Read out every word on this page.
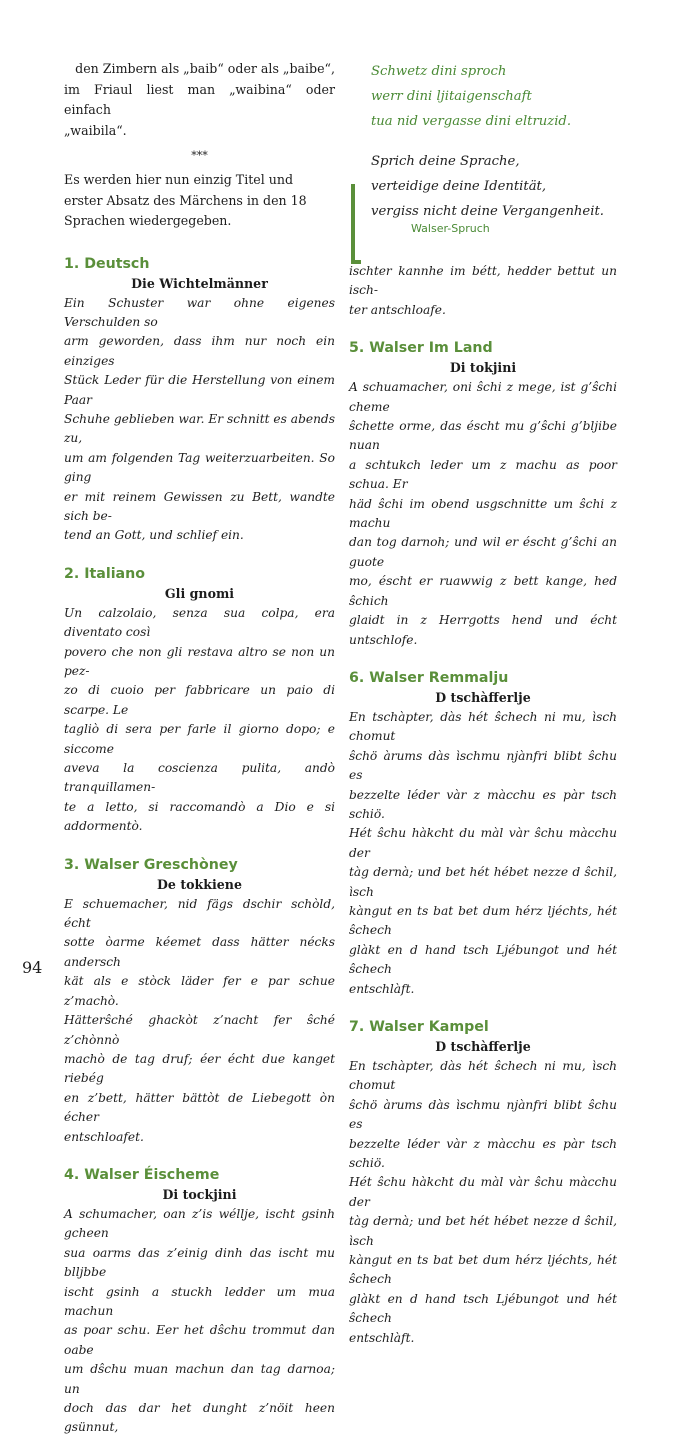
den Zimbern als „baib“ oder als „baibe“,

im Friaul liest man „waibina“ oder einfach

„waibila“.

***

Es werden hier nun einzig Titel und erster Absatz des Märchens in den 18 Sprachen wiedergegeben.

1. Deutsch
Die Wichtelmänner
Ein Schuster war ohne eigenes Verschulden so
arm geworden, dass ihm nur noch ein einziges
Stück Leder für die Herstellung von einem Paar
Schuhe geblieben war. Er schnitt es abends zu,
um am folgenden Tag weiterzuarbeiten. So ging
er mit reinem Gewissen zu Bett, wandte sich be-
tend an Gott, und schlief ein.
2. Italiano
Gli gnomi
Un calzolaio, senza sua colpa, era diventato così
povero che non gli restava altro se non un pez-
zo di cuoio per fabbricare un paio di scarpe. Le
tagliò di sera per farle il giorno dopo; e siccome
aveva la coscienza pulita, andò tranquillamen-
te a letto, si raccomandò a Dio e si addormentò.
3. Walser Greschòney
De tokkiene
E schuemacher, nid fägs dschir schòld, écht
sotte òarme kéemet dass hätter nécks andersch
kät als e stòck läder fer e par schue z’machò.
Hätterŝché ghackòt z’nacht fer ŝché z’chònnò
machò de tag druf; éer écht due kanget riebég
en z’bett, hätter bättòt de Liebegott òn écher
entschloafet.
4. Walser Éischeme
Di tockjini
A schumacher, oan z’is wéllje, ischt gsinh gcheen
sua oarms das z’einig dinh das ischt mu blljbbe
ischt gsinh a stuckh ledder um mua machun
as poar schu. Eer het dŝchu trommut dan oabe
um dŝchu muan machun dan tag darnoa; un
doch das dar het dunght z’nöit heen gsünnut,
Schwetz dini sproch
werr dini ljitaigenschaft
tua nid vergasse dini eltruzid.
Sprich deine Sprache,
verteidige deine Identität,
vergiss nicht deine Vergangenheit.
Walser-Spruch
ischter kannhe im bétt, hedder bettut un isch-
ter antschloafe.
5. Walser Im Land
Di tokjini
A schuamacher, oni ŝchi z mege, ist g’ŝchi cheme
ŝchette orme, das éscht mu g’ŝchi g’bljibe nuan
a schtukch leder um z machu as poor schua. Er
häd ŝchi im obend usgschnitte um ŝchi z machu
dan tog darnoh; und wil er éscht g’ŝchi an guote
mo, éscht er ruawwig z bett kange, hed ŝchich
glaidt in z Herrgotts hend und écht untschlofe.
6. Walser Remmalju
D tschàfferlje
En tschàpter, dàs hét ŝchech ni mu, ìsch chomut
ŝchö àrums dàs ìschmu njànfri blibt ŝchu es
bezzelte léder vàr z màcchu es pàr tsch schiö.
Hét ŝchu hàkcht du màl vàr ŝchu màcchu der
tàg dernà; und bet hét hébet nezze d ŝchil, ìsch
kàngut en ts bat bet dum hérz ljéchts, hét ŝchech
glàkt en d hand tsch Ljébungot und hét ŝchech
entschlàft.
7. Walser Kampel
D tschàfferlje
En tschàpter, dàs hét ŝchech ni mu, ìsch chomut
ŝchö àrums dàs ìschmu njànfri blibt ŝchu es
bezzelte léder vàr z màcchu es pàr tsch schiö.
Hét ŝchu hàkcht du màl vàr ŝchu màcchu der
tàg dernà; und bet hét hébet nezze d ŝchil, ìsch
kàngut en ts bat bet dum hérz ljéchts, hét ŝchech
glàkt en d hand tsch Ljébungot und hét ŝchech
entschlàft.
94
